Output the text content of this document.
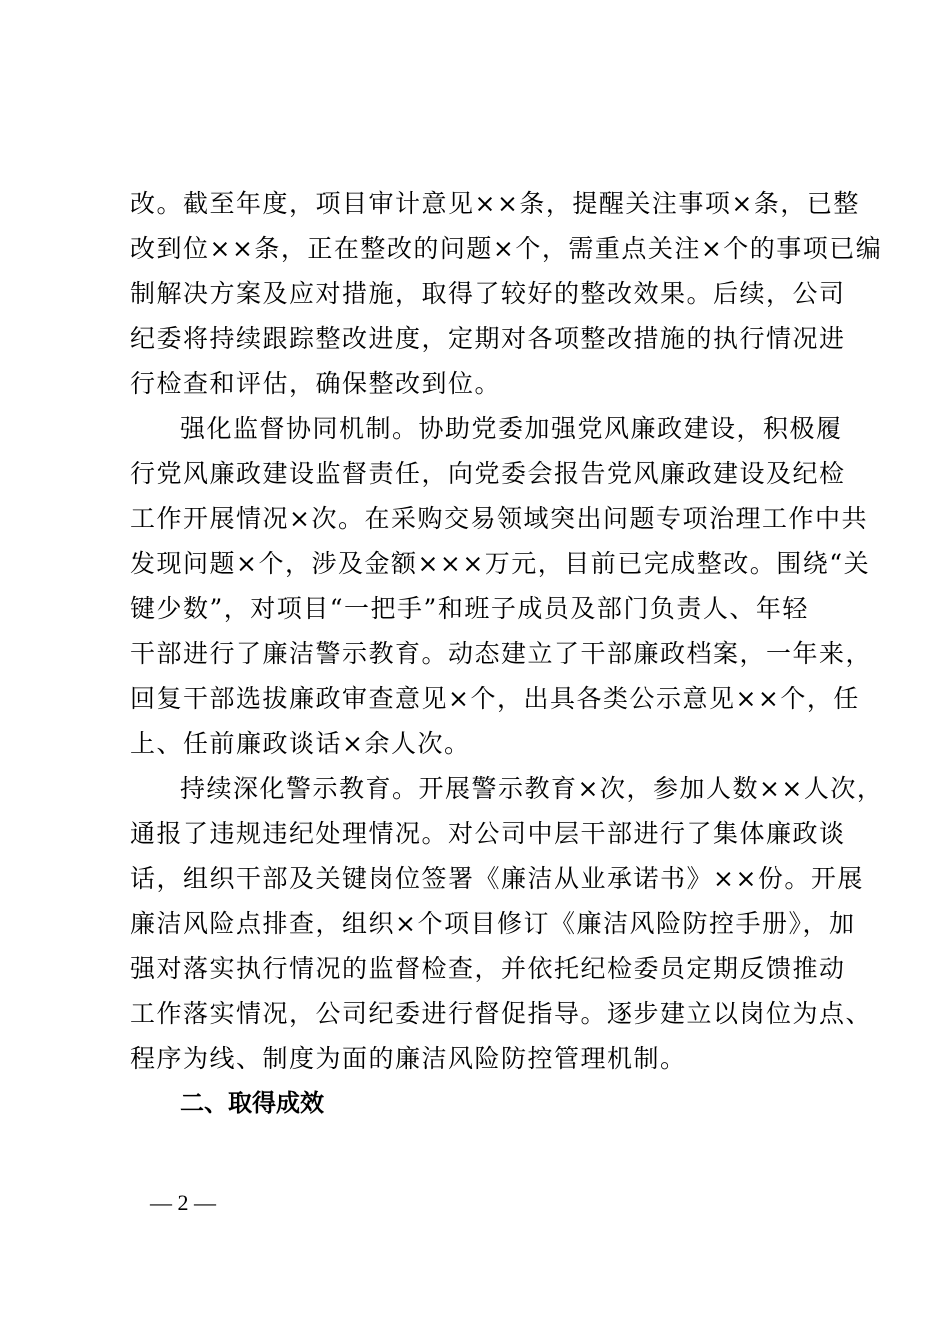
改。截至年度，项目审计意见××条，提醒关注事项×条，已整
改到位××条，正在整改的问题×个，需重点关注×个的事项已编
制解决方案及应对措施，取得了较好的整改效果。后续，公司
纪委将持续跟踪整改进度，定期对各项整改措施的执行情况进
行检查和评估，确保整改到位。

强化监督协同机制。协助党委加强党风廉政建设，积极履
行党风廉政建设监督责任，向党委会报告党风廉政建设及纪检
工作开展情况×次。在采购交易领域突出问题专项治理工作中共
发现问题×个，涉及金额×××万元，目前已完成整改。围绕“关
键少数”，对项目“一把手”和班子成员及部门负责人、年轻
干部进行了廉洁警示教育。动态建立了干部廉政档案，一年来，
回复干部选拔廉政审查意见×个，出具各类公示意见××个，任
上、任前廉政谈话×余人次。

持续深化警示教育。开展警示教育×次，参加人数××人次，
通报了违规违纪处理情况。对公司中层干部进行了集体廉政谈
话，组织干部及关键岗位签署《廉洁从业承诺书》××份。开展
廉洁风险点排查，组织×个项目修订《廉洁风险防控手册》，加
强对落实执行情况的监督检查，并依托纪检委员定期反馈推动
工作落实情况，公司纪委进行督促指导。逐步建立以岗位为点、
程序为线、制度为面的廉洁风险防控管理机制。

二、取得成效
— 2 —
